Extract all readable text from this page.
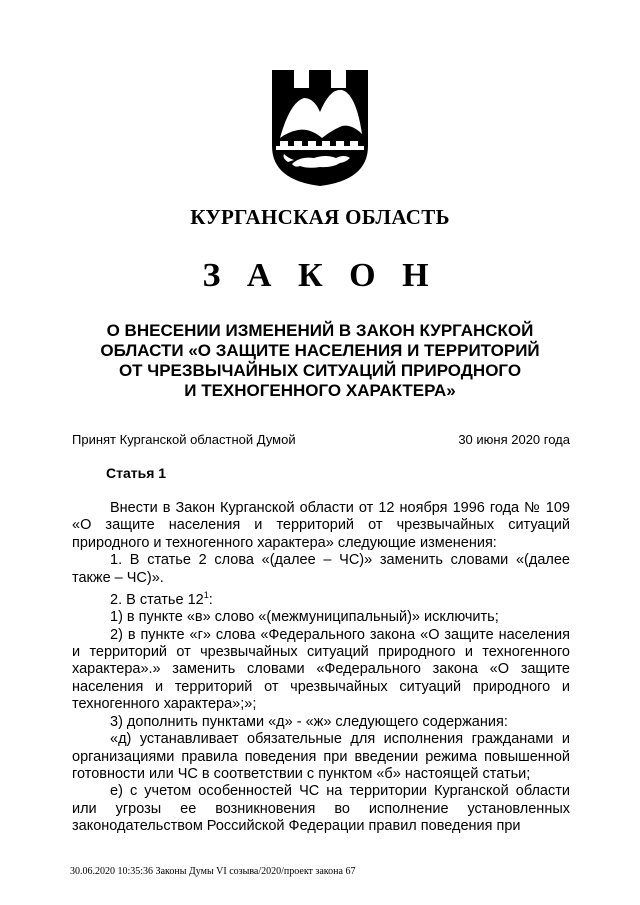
КУРГАНСКАЯ ОБЛАСТЬ
З А К О Н
О ВНЕСЕНИИ ИЗМЕНЕНИЙ В ЗАКОН КУРГАНСКОЙ
ОБЛАСТИ «О ЗАЩИТЕ НАСЕЛЕНИЯ И ТЕРРИТОРИЙ
ОТ ЧРЕЗВЫЧАЙНЫХ СИТУАЦИЙ ПРИРОДНОГО
И ТЕХНОГЕННОГО ХАРАКТЕРА»
Принят Курганской областной Думой	30 июня 2020 года
Статья 1

Внести в Закон Курганской области от 12 ноября 1996 года № 109 «О защите населения и территорий от чрезвычайных ситуаций природного и техногенного характера» следующие изменения:

1. В статье 2 слова «(далее – ЧС)» заменить словами «(далее также – ЧС)».

2. В статье $12^1$:

1) в пункте «в» слово «(межмуниципальный)» исключить;

2) в пункте «г» слова «Федерального закона «О защите населения и территорий от чрезвычайных ситуаций природного и техногенного характера».» заменить словами «Федерального закона «О защите населения и территорий от чрезвычайных ситуаций природного и техногенного характера»;»;

3) дополнить пунктами «д» - «ж» следующего содержания:

«д) устанавливает обязательные для исполнения гражданами и организациями правила поведения при введении режима повышенной готовности или ЧС в соответствии с пунктом «б» настоящей статьи;

е) с учетом особенностей ЧС на территории Курганской области или угрозы ее возникновения во исполнение установленных законодательством Российской Федерации правил поведения при

30.06.2020 10:35:36 Законы Думы VI созыва/2020/проект закона 67
